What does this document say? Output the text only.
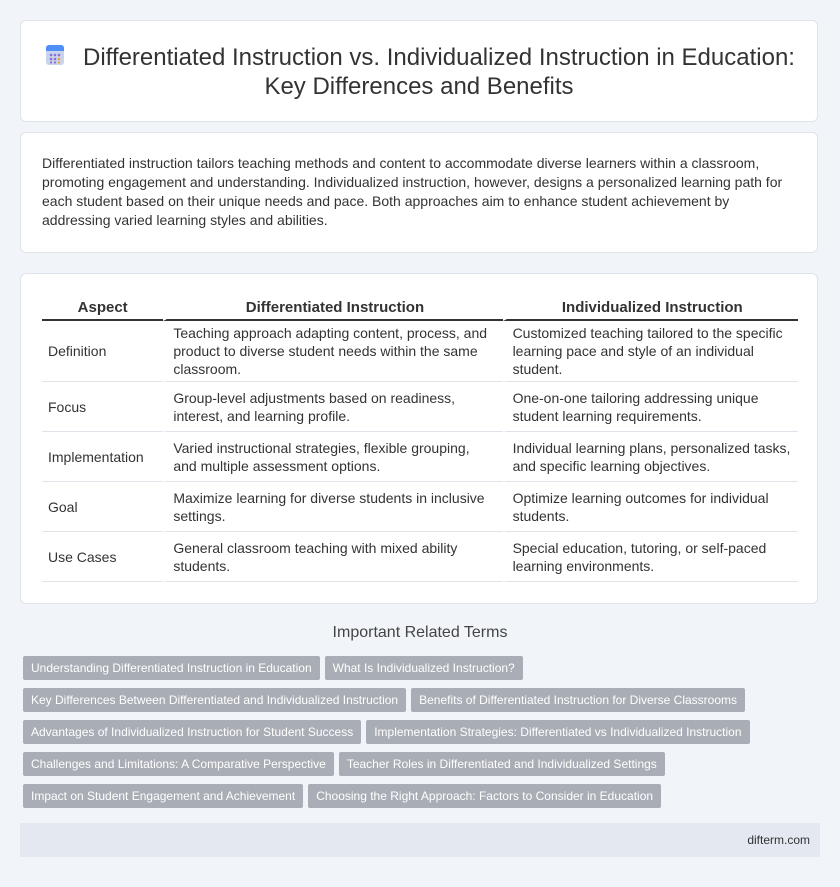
Differentiated Instruction vs. Individualized Instruction in Education: Key Differences and Benefits
Differentiated instruction tailors teaching methods and content to accommodate diverse learners within a classroom, promoting engagement and understanding. Individualized instruction, however, designs a personalized learning path for each student based on their unique needs and pace. Both approaches aim to enhance student achievement by addressing varied learning styles and abilities.
Aspect	Differentiated Instruction	Individualized Instruction
Definition	Teaching approach adapting content, process, and product to diverse student needs within the same classroom.	Customized teaching tailored to the specific learning pace and style of an individual student.
Focus	Group-level adjustments based on readiness, interest, and learning profile.	One-on-one tailoring addressing unique student learning requirements.
Implementation	Varied instructional strategies, flexible grouping, and multiple assessment options.	Individual learning plans, personalized tasks, and specific learning objectives.
Goal	Maximize learning for diverse students in inclusive settings.	Optimize learning outcomes for individual students.
Use Cases	General classroom teaching with mixed ability students.	Special education, tutoring, or self-paced learning environments.
Important Related Terms
Understanding Differentiated Instruction in Education What Is Individualized Instruction?
Key Differences Between Differentiated and Individualized Instruction Benefits of Differentiated Instruction for Diverse Classrooms
Advantages of Individualized Instruction for Student Success Implementation Strategies: Differentiated vs Individualized Instruction
Challenges and Limitations: A Comparative Perspective Teacher Roles in Differentiated and Individualized Settings
Impact on Student Engagement and Achievement Choosing the Right Approach: Factors to Consider in Education
difterm.com
